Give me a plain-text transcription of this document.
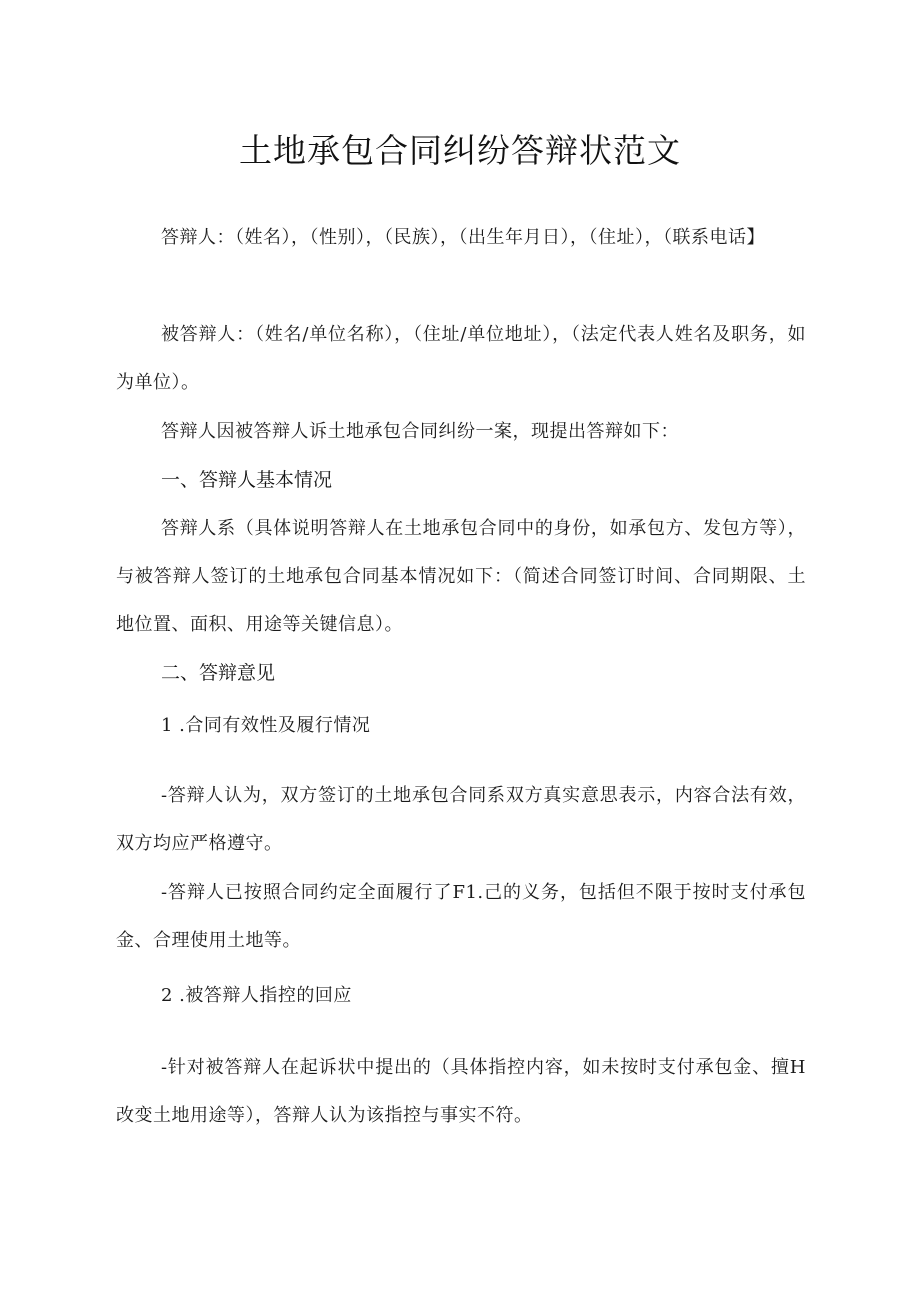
土地承包合同纠纷答辩状范文

答辩人：（姓名），（性别），（民族），（出生年月日），（住址），（联系电话】

被答辩人：（姓名/单位名称），（住址/单位地址），（法定代表人姓名及职务，如为单位）。

答辩人因被答辩人诉土地承包合同纠纷一案，现提出答辩如下：

一、答辩人基本情况

答辩人系（具体说明答辩人在土地承包合同中的身份，如承包方、发包方等），与被答辩人签订的土地承包合同基本情况如下：（简述合同签订时间、合同期限、土地位置、面积、用途等关键信息）。

二、答辩意见

1 .合同有效性及履行情况

-答辩人认为，双方签订的土地承包合同系双方真实意思表示，内容合法有效，双方均应严格遵守。

-答辩人已按照合同约定全面履行了F1.己的义务，包括但不限于按时支付承包金、合理使用土地等。

2 .被答辩人指控的回应

-针对被答辩人在起诉状中提出的（具体指控内容，如未按时支付承包金、擅H改变土地用途等），答辩人认为该指控与事实不符。
